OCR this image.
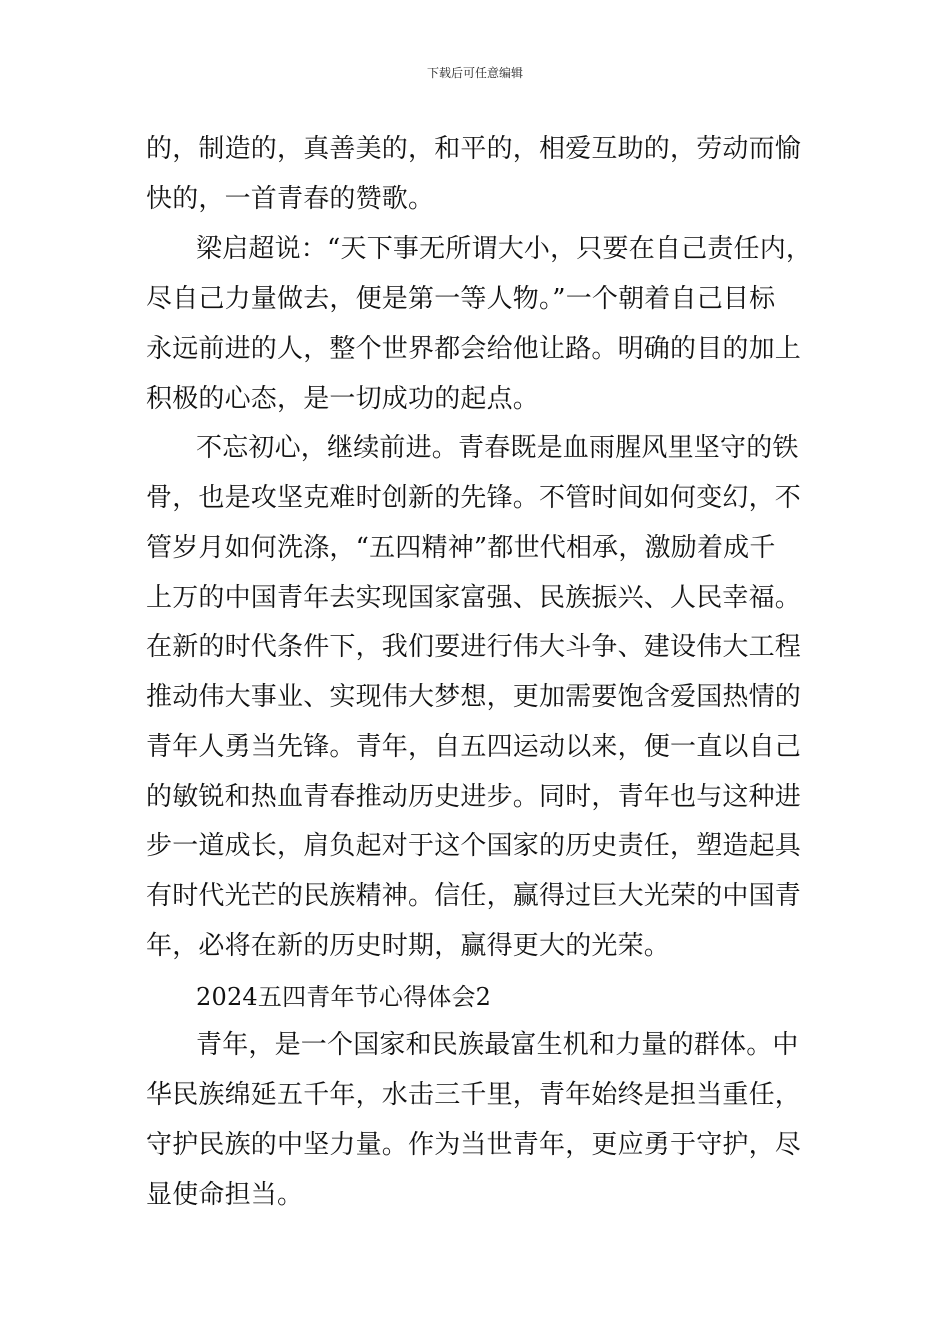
下载后可任意编辑
的，制造的，真善美的，和平的，相爱互助的，劳动而愉
快的，一首青春的赞歌。
梁启超说：“天下事无所谓大小，只要在自己责任内，
尽自己力量做去，便是第一等人物。”一个朝着自己目标
永远前进的人，整个世界都会给他让路。明确的目的加上
积极的心态，是一切成功的起点。
不忘初心，继续前进。青春既是血雨腥风里坚守的铁
骨，也是攻坚克难时创新的先锋。不管时间如何变幻，不
管岁月如何洗涤，“五四精神”都世代相承，激励着成千
上万的中国青年去实现国家富强、民族振兴、人民幸福。
在新的时代条件下，我们要进行伟大斗争、建设伟大工程
推动伟大事业、实现伟大梦想，更加需要饱含爱国热情的
青年人勇当先锋。青年，自五四运动以来，便一直以自己
的敏锐和热血青春推动历史进步。同时，青年也与这种进
步一道成长，肩负起对于这个国家的历史责任，塑造起具
有时代光芒的民族精神。信任，赢得过巨大光荣的中国青
年，必将在新的历史时期，赢得更大的光荣。
2024五四青年节心得体会2
青年，是一个国家和民族最富生机和力量的群体。中
华民族绵延五千年，水击三千里，青年始终是担当重任，
守护民族的中坚力量。作为当世青年，更应勇于守护，尽
显使命担当。
